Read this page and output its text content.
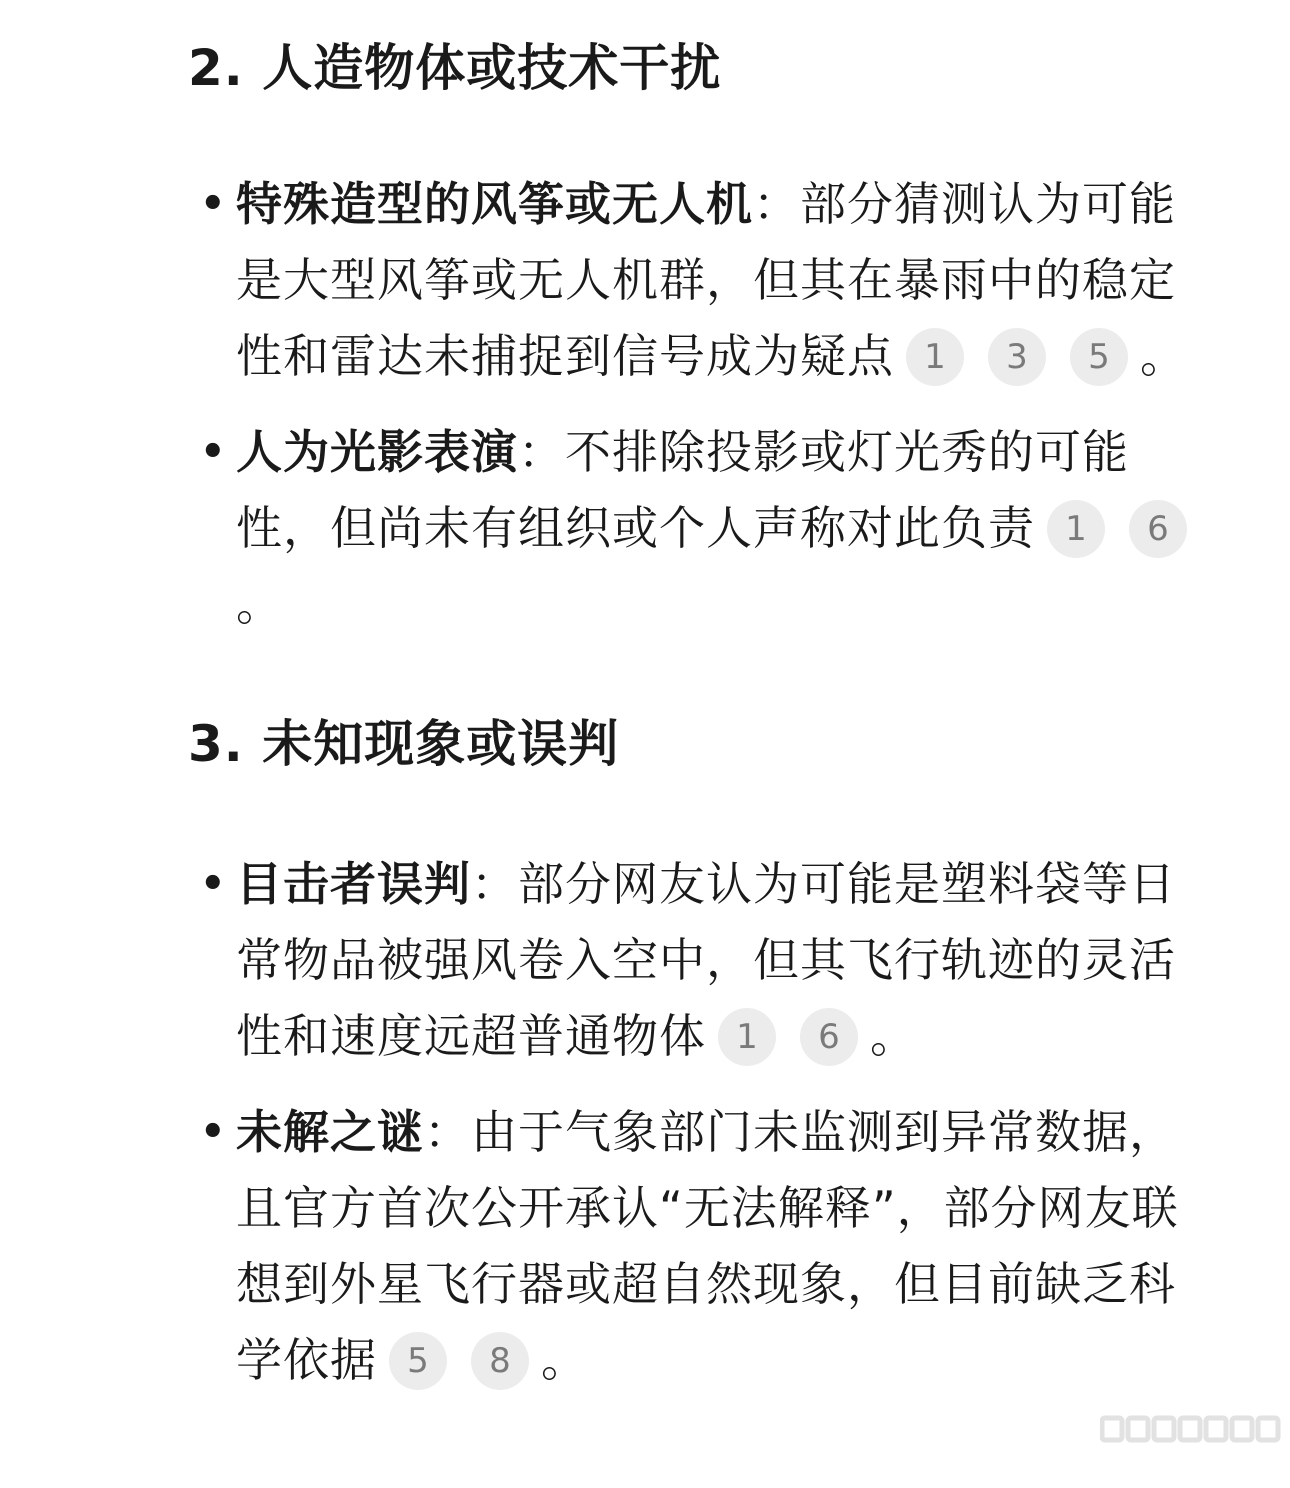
2. 人造物体或技术干扰
• 特殊造型的风筝或无人机：部分猜测认为可能是大型风筝或无人机群，但其在暴雨中的稳定性和雷达未捕捉到信号成为疑点 1 3 5 。
• 人为光影表演：不排除投影或灯光秀的可能性，但尚未有组织或个人声称对此负责 1 6。
3. 未知现象或误判
• 目击者误判：部分网友认为可能是塑料袋等日常物品被强风卷入空中，但其飞行轨迹的灵活性和速度远超普通物体 1 6 。
• 未解之谜：由于气象部门未监测到异常数据，且官方首次公开承认“无法解释”，部分网友联想到外星飞行器或超自然现象，但目前缺乏科学依据 5 8 。
